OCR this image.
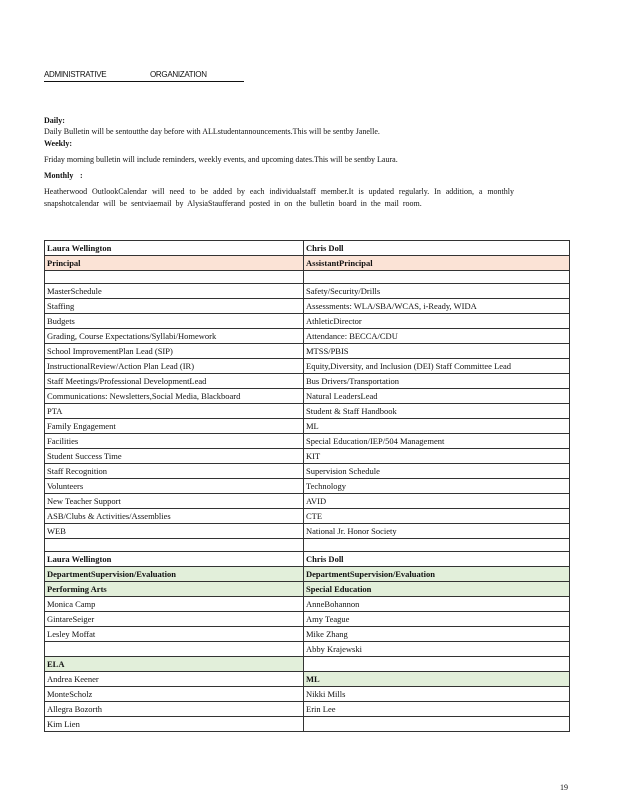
ADMINISTRATIVE	ORGANIZATION
Daily:
Daily Bulletin will be sentoutthe day before with ALLstudentannouncements.This will be sentby Janelle.
Weekly:
Friday morning bulletin will include reminders, weekly events, and upcoming dates.This will be sentby Laura.
Monthly :
Heatherwood OutlookCalendar will need to be added by each individualstaff member.It is updated regularly. In addition, a monthly snapshotcalendar will be sentviaemail by AlysiaStaufferand posted in on the bulletin board in the mail room.
Laura Wellington	Chris Doll
Principal	AssistantPrincipal

MasterSchedule	Safety/Security/Drills
Staffing	Assessments: WLA/SBA/WCAS, i-Ready, WIDA
Budgets	AthleticDirector
Grading, Course Expectations/Syllabi/Homework	Attendance: BECCA/CDU
School ImprovementPlan Lead (SIP)	MTSS/PBIS
InstructionalReview/Action Plan Lead (IR)	Equity,Diversity, and Inclusion (DEI) Staff Committee Lead
Staff Meetings/Professional DevelopmentLead	Bus Drivers/Transportation
Communications: Newsletters,Social Media, Blackboard	Natural LeadersLead
PTA	Student & Staff Handbook
Family Engagement	ML
Facilities	Special Education/IEP/504 Management
Student Success Time	KIT
Staff Recognition	Supervision Schedule
Volunteers	Technology
New Teacher Support	AVID
ASB/Clubs & Activities/Assemblies	CTE
WEB	National Jr. Honor Society

Laura Wellington	Chris Doll
DepartmentSupervision/Evaluation	DepartmentSupervision/Evaluation
Performing Arts	Special Education
Monica Camp	AnneBohannon
GintareSeiger	Amy Teague
Lesley Moffat	Mike Zhang
	Abby Krajewski
ELA	
Andrea Keener	ML
MonteScholz	Nikki Mills
Allegra Bozorth	Erin Lee
Kim Lien	
19
